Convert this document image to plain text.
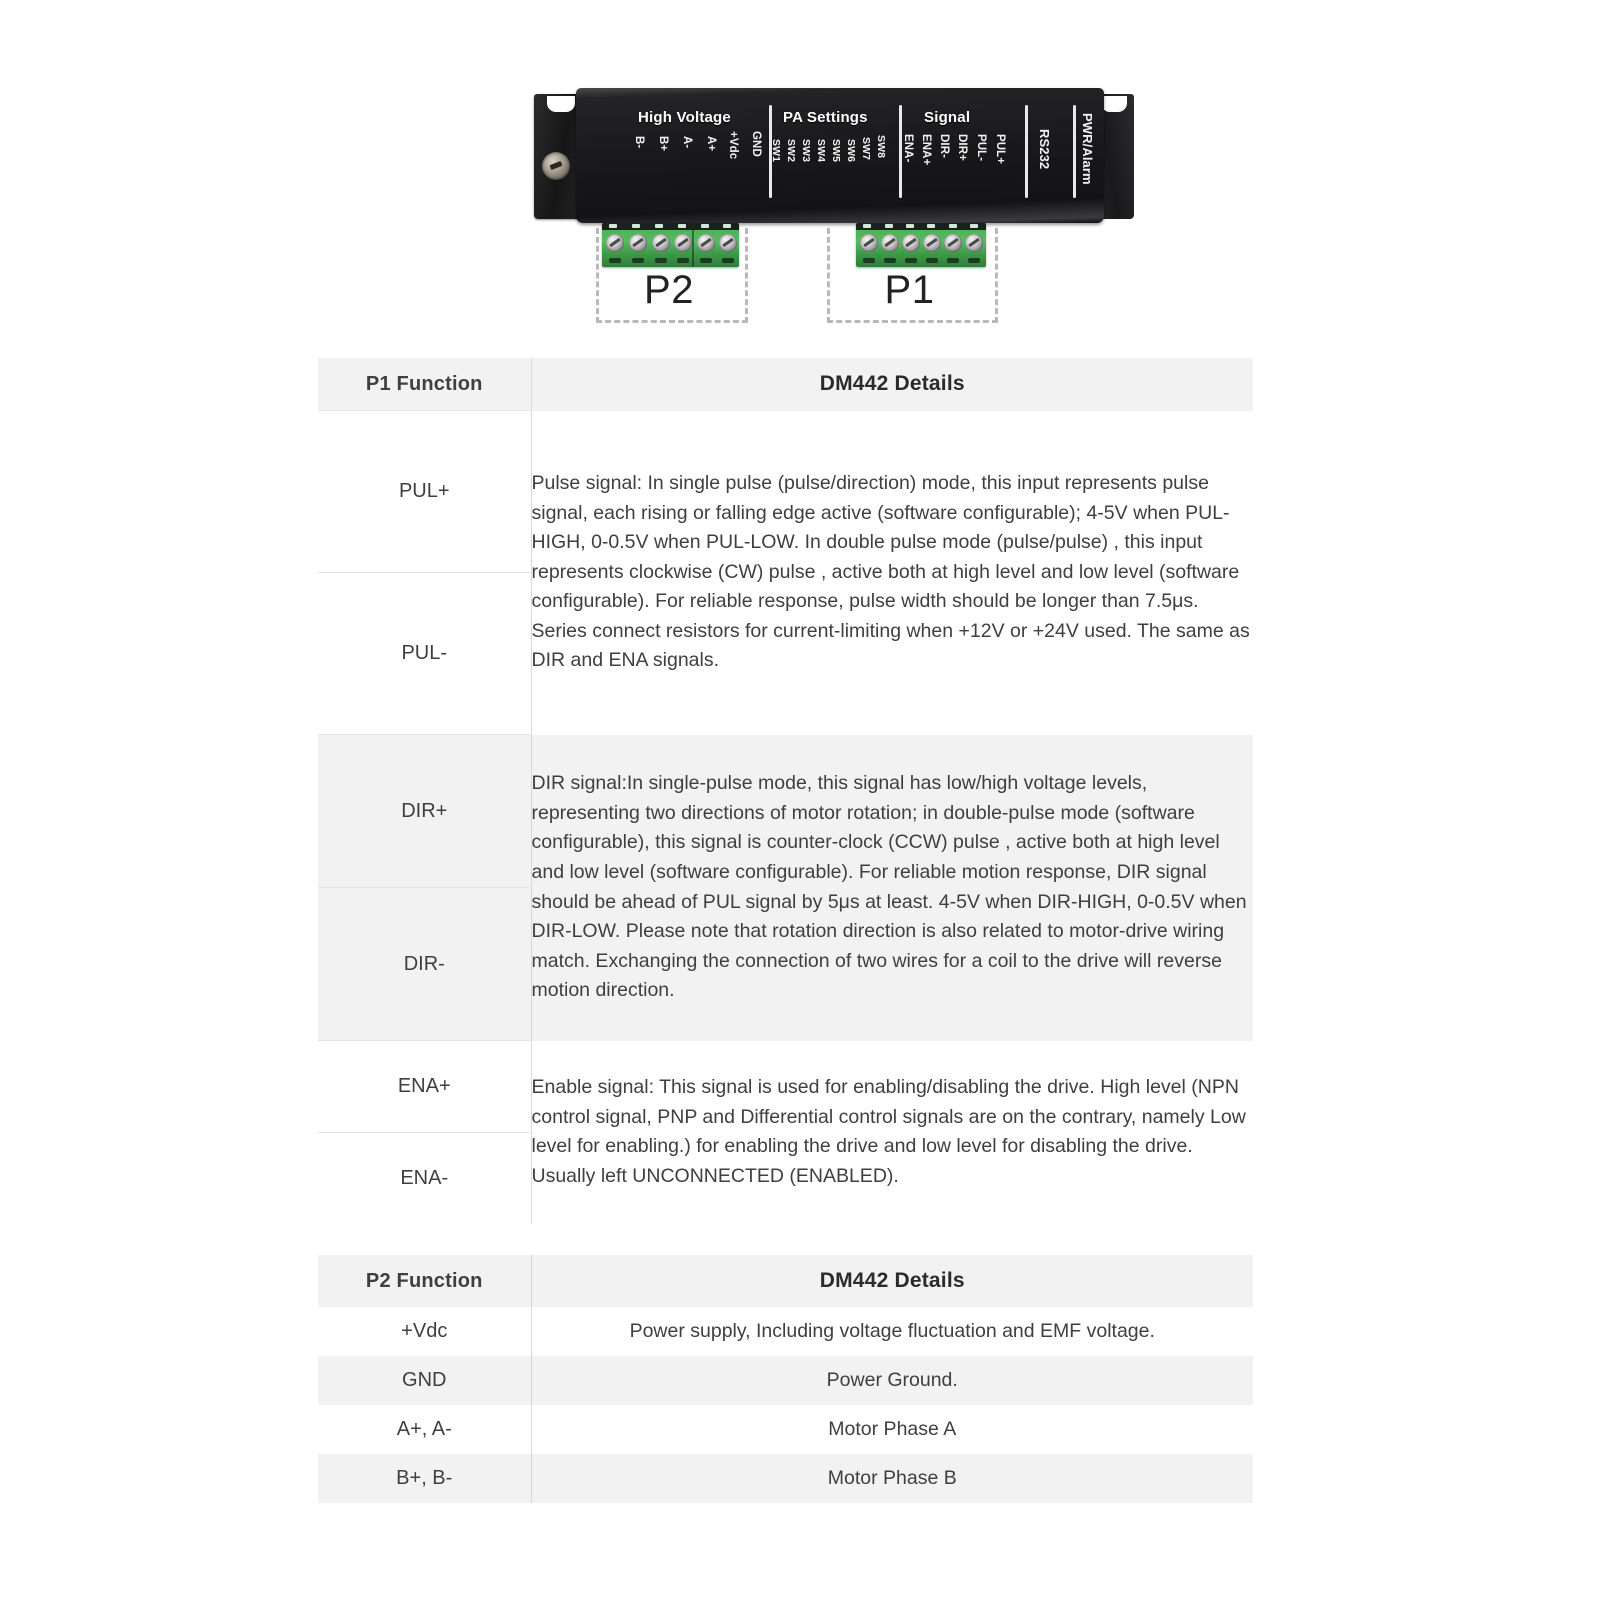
High Voltage	PA Settings	Signal
B- B+ A- A+ +Vdc GND SW1 SW2 SW3 SW4 SW5 SW6 SW7 SW8 ENA- ENA+ DIR- DIR+ PUL- PUL+ RS232 PWR/Alarm
P2	P1
P1 Function	DM442 Details
PUL+	Pulse signal: In single pulse (pulse/direction) mode, this input represents pulse signal, each rising or falling edge active (software configurable); 4-5V when PUL-HIGH, 0-0.5V when PUL-LOW. In double pulse mode (pulse/pulse) , this input represents clockwise (CW) pulse , active both at high level and low level (software configurable). For reliable response, pulse width should be longer than 7.5μs. Series connect resistors for current-limiting when +12V or +24V used. The same as DIR and ENA signals.
PUL-	
DIR+	DIR signal:In single-pulse mode, this signal has low/high voltage levels, representing two directions of motor rotation; in double-pulse mode (software configurable), this signal is counter-clock (CCW) pulse , active both at high level and low level (software configurable). For reliable motion response, DIR signal should be ahead of PUL signal by 5μs at least. 4-5V when DIR-HIGH, 0-0.5V when DIR-LOW. Please note that rotation direction is also related to motor-drive wiring match. Exchanging the connection of two wires for a coil to the drive will reverse motion direction.
DIR-	
ENA+	Enable signal: This signal is used for enabling/disabling the drive. High level (NPN control signal, PNP and Differential control signals are on the contrary, namely Low level for enabling.) for enabling the drive and low level for disabling the drive. Usually left UNCONNECTED (ENABLED).
ENA-	
P2 Function	DM442 Details
+Vdc	Power supply, Including voltage fluctuation and EMF voltage.
GND	Power Ground.
A+, A-	Motor Phase A
B+, B-	Motor Phase B
